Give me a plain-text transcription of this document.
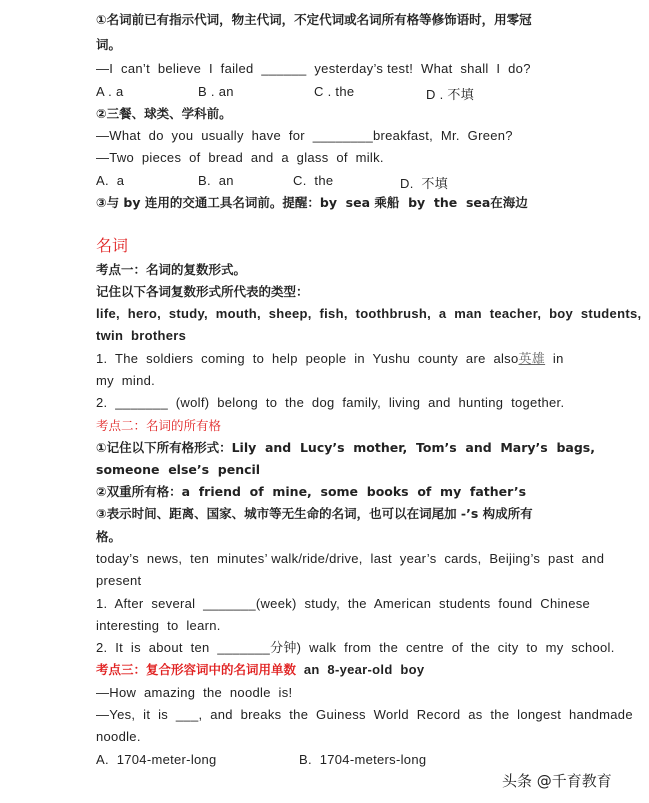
①名词前已有指示代词，物主代词，不定代词或名词所有格等修饰语时，用零冠
词。
—I  can’t  believe  I  failed  ______  yesterday’s test!  What  shall  I  do?
A . a	B . an	C . the	D . 不填
②三餐、球类、学科前。
—What  do  you  usually  have  for  ________breakfast,  Mr.  Green?
—Two  pieces  of  bread  and  a  glass  of  milk.
A.  a	B.  an	C.  the	D.  不填
③与 by 连用的交通工具名词前。提醒：by  sea 乘船  by  the  sea在海边
名词
考点一：名词的复数形式。
记住以下各词复数形式所代表的类型：
life,  hero,  study,  mouth,  sheep,  fish,  toothbrush,  a  man  teacher,  boy  students,
twin  brothers
1.  The  soldiers  coming  to  help  people  in  Yushu  county  are  also英雄  in
my  mind.
2.  _______  (wolf)  belong  to  the  dog  family,  living  and  hunting  together.
考点二：名词的所有格
①记住以下所有格形式：Lily  and  Lucy’s  mother,  Tom’s  and  Mary’s  bags,
someone  else’s  pencil
②双重所有格：a  friend  of  mine,  some  books  of  my  father’s
③表示时间、距离、国家、城市等无生命的名词，也可以在词尾加 -’s 构成所有
格。
today’s  news,  ten  minutes’ walk/ride/drive,  last  year’s  cards,  Beijing’s  past  and
present
1.  After  several  _______(week)  study,  the  American  students  found  Chinese
interesting  to  learn.
2.  It  is  about  ten  _______分钟)  walk  from  the  centre  of  the  city  to  my  school.
考点三：复合形容词中的名词用单数  an  8-year-old  boy
—How  amazing  the  noodle  is!
—Yes,  it  is  ___,  and  breaks  the  Guiness  World  Record  as  the  longest  handmade
noodle.
A.  1704-meter-long	B.  1704-meters-long
头条 @千育教育
